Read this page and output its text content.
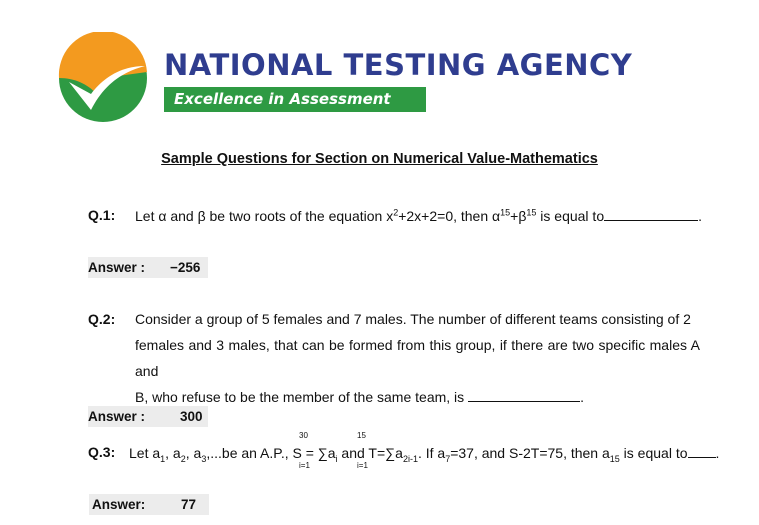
NATIONAL TESTING AGENCY
Excellence in Assessment
Sample Questions for Section on Numerical Value-Mathematics
Q.1: Let α and β be two roots of the equation $x^2+2x+2=0$, then $\alpha^{15}+\beta^{15}$ is equal to	.
Answer : −256
Q.2: Consider a group of 5 females and 7 males. The number of different teams consisting of 2
females and 3 males, that can be formed from this group, if there are two specific males A and
B, who refuse to be the member of the same team, is	.
Answer :	300
Q.3:
30
i=1
15
i=1
Let $a_1$, $a_2$, $a_3,...be$ an A.P., $S = \sum a_i$ and $T=\sum a_{2i-1}$. If $a_7=37$, and S-2T=75, then $a_{15}$ is equal to .
Answer:	77
